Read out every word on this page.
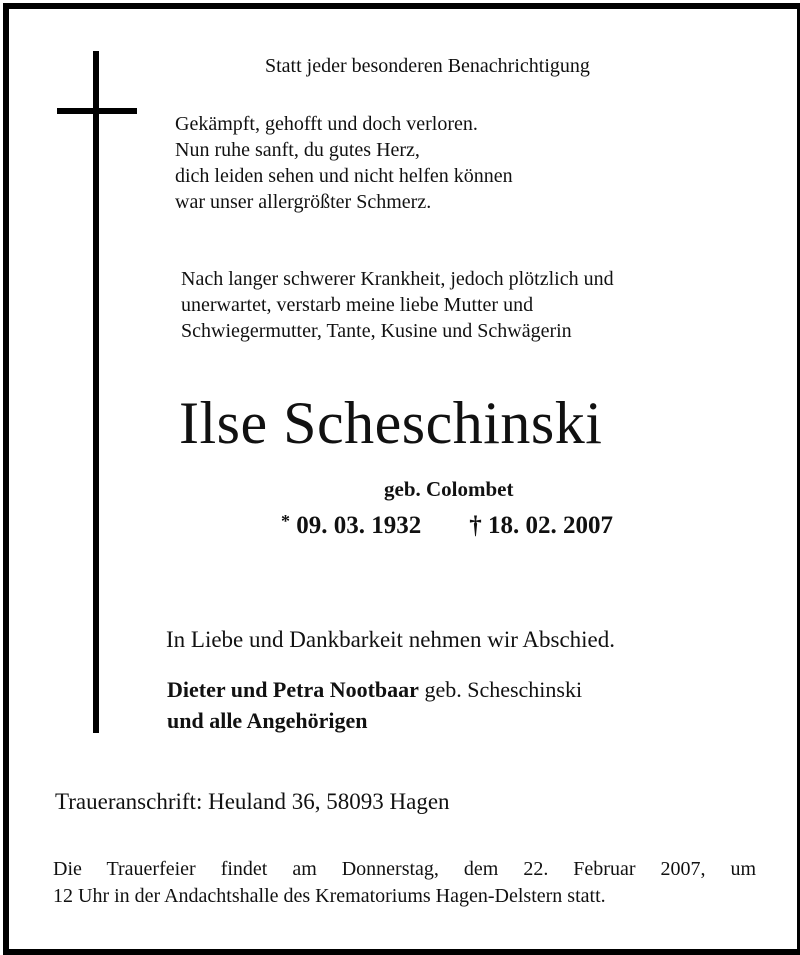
Statt jeder besonderen Benachrichtigung
Gekämpft, gehofft und doch verloren.
Nun ruhe sanft, du gutes Herz,
dich leiden sehen und nicht helfen können
war unser allergrößter Schmerz.
Nach langer schwerer Krankheit, jedoch plötzlich und
unerwartet, verstarb meine liebe Mutter und
Schwiegermutter, Tante, Kusine und Schwägerin
Ilse Scheschinski
geb. Colombet
* 09. 03. 1932 † 18. 02. 2007
In Liebe und Dankbarkeit nehmen wir Abschied.
Dieter und Petra Nootbaar geb. Scheschinski
und alle Angehörigen
Traueranschrift: Heuland 36, 58093 Hagen
Die Trauerfeier findet am Donnerstag, dem 22. Februar 2007, um
12 Uhr in der Andachtshalle des Krematoriums Hagen-Delstern statt.
